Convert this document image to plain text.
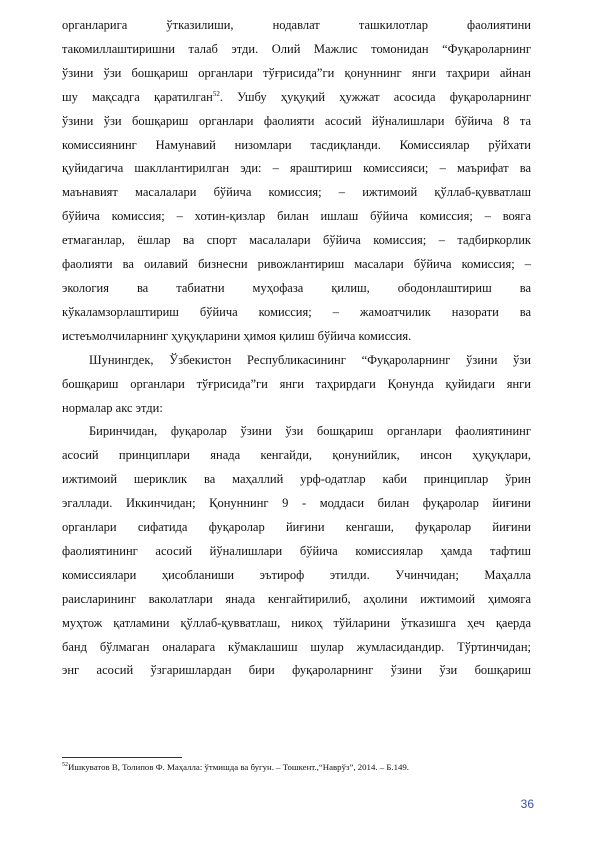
органларига ўтказилиши, нодавлат ташкилотлар фаолиятини
такомиллаштиришни талаб этди. Олий Мажлис томонидан “Фуқароларнинг
ўзини ўзи бошқариш органлари тўғрисида”ги қонуннинг янги таҳрири айнан
шу мақсадга қаратилган$^{52}$. Ушбу ҳуқуқий ҳужжат асосида фуқароларнинг
ўзини ўзи бошқариш органлари фаолияти асосий йўналишлари бўйича 8 та
комиссиянинг Намунавий низомлари тасдиқланди. Комиссиялар рўйхати
қуйидагича шакллантирилган эди: – яраштириш комиссияси; – маърифат ва
маънавият масалалари бўйича комиссия; – ижтимоий қўллаб-қувватлаш
бўйича комиссия; – хотин-қизлар билан ишлаш бўйича комиссия; – вояга
етмаганлар, ёшлар ва спорт масалалари бўйича комиссия; – тадбиркорлик
фаолияти ва оилавий бизнесни ривожлантириш масалари бўйича комиссия; –
экология ва табиатни муҳофаза қилиш, ободонлаштириш ва
кўкаламзорлаштириш бўйича комиссия; – жамоатчилик назорати ва
истеъмолчиларнинг ҳуқуқларини ҳимоя қилиш бўйича комиссия.
Шунингдек, Ўзбекистон Республикасининг “Фуқароларнинг ўзини ўзи
бошқариш органлари тўғрисида”ги янги таҳрирдаги Қонунда қуйидаги янги
нормалар акс этди:
Биринчидан, фуқаролар ўзини ўзи бошқариш органлари фаолиятининг
асосий принциплари янада кенгайди, қонунийлик, инсон ҳуқуқлари,
ижтимоий шериклик ва маҳаллий урф-одатлар каби принциплар ўрин
эгаллади. Иккинчидан; Қонуннинг 9 - моддаси билан фуқаролар йиғини
органлари сифатида фуқаролар йиғини кенгаши, фуқаролар йиғини
фаолиятининг асосий йўналишлари бўйича комиссиялар ҳамда тафтиш
комиссиялари ҳисобланиши эътироф этилди. Учинчидан; Маҳалла
раисларининг ваколатлари янада кенгайтирилиб, аҳолини ижтимоий ҳимояга
муҳтож қатламини қўллаб-қувватлаш, никоҳ тўйларини ўтказишга ҳеч қаерда
банд бўлмаган оналарага кўмаклашиш шулар жумласидандир. Тўртинчидан;
энг асосий ўзгаришлардан бири фуқароларнинг ўзини ўзи бошқариш
$^{52}$Ишкуватов В, Толипов Ф. Маҳалла: ўтмишда ва бугун. – Тошкент.,“Наврўз”, 2014. – Б.149.
36
